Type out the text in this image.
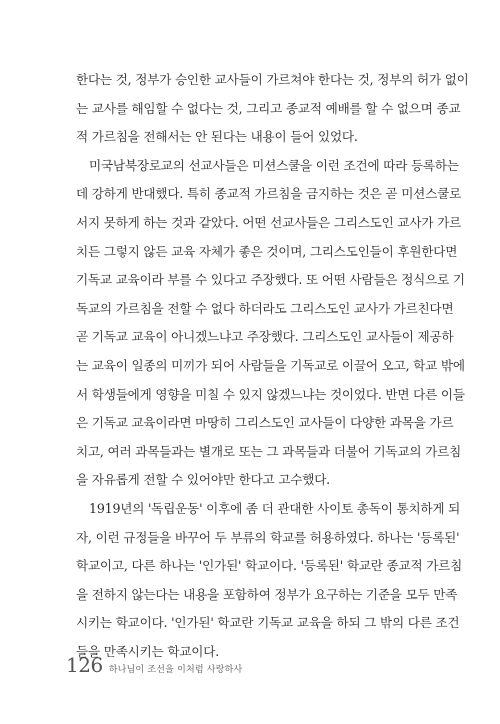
한다는 것, 정부가 승인한 교사들이 가르쳐야 한다는 것, 정부의 허가 없이
는 교사를 해임할 수 없다는 것, 그리고 종교적 예배를 할 수 없으며 종교
적 가르침을 전해서는 안 된다는 내용이 들어 있었다.
미국남북장로교의 선교사들은 미션스쿨을 이런 조건에 따라 등록하는
데 강하게 반대했다. 특히 종교적 가르침을 금지하는 것은 곧 미션스쿨로
서지 못하게 하는 것과 같았다. 어떤 선교사들은 그리스도인 교사가 가르
치든 그렇지 않든 교육 자체가 좋은 것이며, 그리스도인들이 후원한다면
기독교 교육이라 부를 수 있다고 주장했다. 또 어떤 사람들은 정식으로 기
독교의 가르침을 전할 수 없다 하더라도 그리스도인 교사가 가르친다면
곧 기독교 교육이 아니겠느냐고 주장했다. 그리스도인 교사들이 제공하
는 교육이 일종의 미끼가 되어 사람들을 기독교로 이끌어 오고, 학교 밖에
서 학생들에게 영향을 미칠 수 있지 않겠느냐는 것이었다. 반면 다른 이들
은 기독교 교육이라면 마땅히 그리스도인 교사들이 다양한 과목을 가르
치고, 여러 과목들과는 별개로 또는 그 과목들과 더불어 기독교의 가르침
을 자유롭게 전할 수 있어야만 한다고 고수했다.
1919년의 '독립운동' 이후에 좀 더 관대한 사이토 총독이 통치하게 되
자, 이런 규정들을 바꾸어 두 부류의 학교를 허용하였다. 하나는 '등록된'
학교이고, 다른 하나는 '인가된' 학교이다. '등록된' 학교란 종교적 가르침
을 전하지 않는다는 내용을 포함하여 정부가 요구하는 기준을 모두 만족
시키는 학교이다. '인가된' 학교란 기독교 교육을 하되 그 밖의 다른 조건
들을 만족시키는 학교이다.
126 하나님이 조선을 이처럼 사랑하사
